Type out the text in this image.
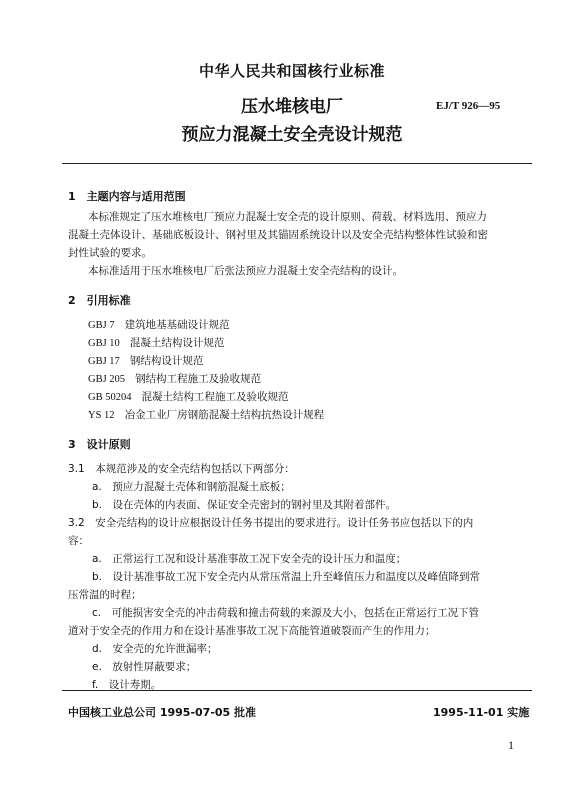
中华人民共和国核行业标准
压水堆核电厂
预应力混凝土安全壳设计规范
EJ/T 926—95
1　主题内容与适用范围
本标准规定了压水堆核电厂预应力混凝土安全壳的设计原则、荷载、材料选用、预应力
混凝土壳体设计、基础底板设计、钢衬里及其锚固系统设计以及安全壳结构整体性试验和密
封性试验的要求。
本标准适用于压水堆核电厂后张法预应力混凝土安全壳结构的设计。
2　引用标准
GBJ 7 建筑地基基础设计规范
GBJ 10 混凝土结构设计规范
GBJ 17 钢结构设计规范
GBJ 205 钢结构工程施工及验收规范
GB 50204 混凝土结构工程施工及验收规范
YS 12 冶金工业厂房钢筋混凝土结构抗热设计规程
3　设计原则
3.1　本规范涉及的安全壳结构包括以下两部分：
a.　预应力混凝土壳体和钢筋混凝土底板；
b.　设在壳体的内表面、保证安全壳密封的钢衬里及其附着部件。
3.2　安全壳结构的设计应根据设计任务书提出的要求进行。设计任务书应包括以下的内
容：
a.　正常运行工况和设计基准事故工况下安全壳的设计压力和温度；
b.　设计基准事故工况下安全壳内从常压常温上升至峰值压力和温度以及峰值降到常
压常温的时程；
c.　可能损害安全壳的冲击荷载和撞击荷载的来源及大小，包括在正常运行工况下管
道对于安全壳的作用力和在设计基准事故工况下高能管道破裂而产生的作用力；
d.　安全壳的允许泄漏率；
e.　放射性屏蔽要求；
f.　设计寿期。
中国核工业总公司 1995-07-05 批准	1995-11-01 实施
1
